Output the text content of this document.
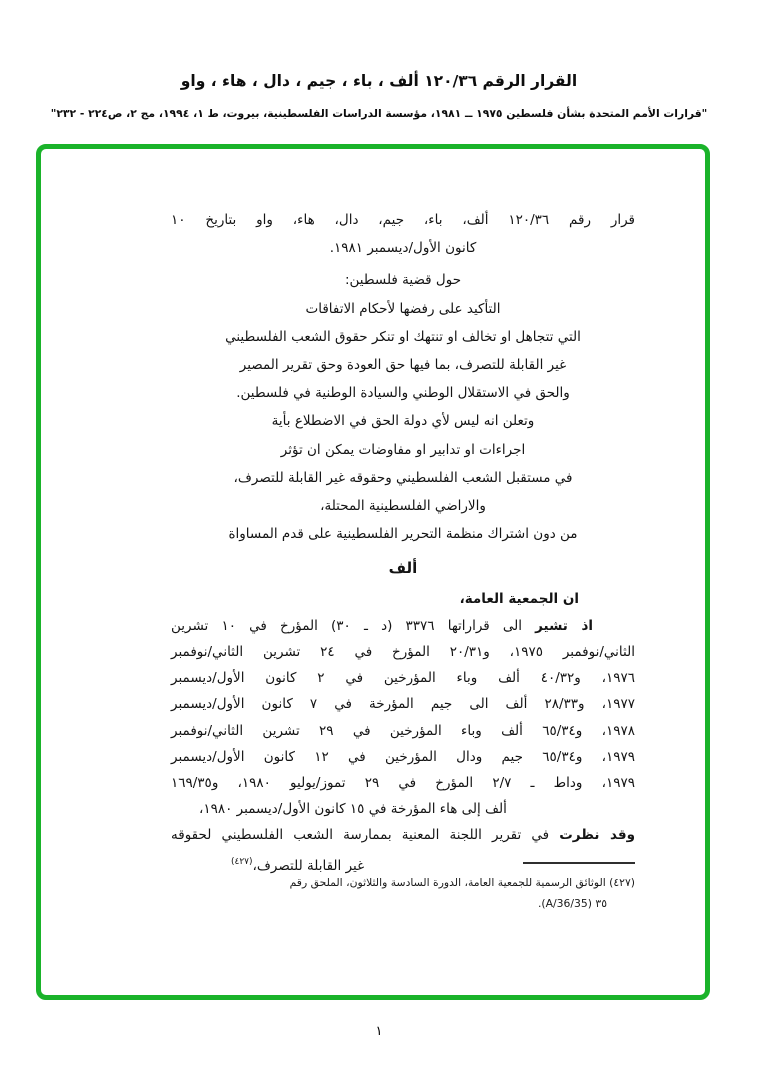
القرار الرقم ١٢٠/٣٦ ألف ، باء ، جيم ، دال ، هاء ، واو
"قرارات الأمم المتحدة بشأن فلسطين ١٩٧٥ ــ ١٩٨١، مؤسسة الدراسات الفلسطينية، بيروت، ط ١، ١٩٩٤، مج ٢، ص٢٢٤ - ٢٣٢"
قرار رقم ١٢٠/٣٦ ألف، باء، جيم، دال، هاء، واو بتاريخ ١٠
كانون الأول/ديسمبر ١٩٨١.
حول قضية فلسطين:
التأكيد على رفضها لأحكام الاتفاقات
التي تتجاهل او تخالف او تنتهك او تنكر حقوق الشعب الفلسطيني
غير القابلة للتصرف، بما فيها حق العودة وحق تقرير المصير
والحق في الاستقلال الوطني والسيادة الوطنية في فلسطين.
وتعلن انه ليس لأي دولة الحق في الاضطلاع بأية
اجراءات او تدابير او مفاوضات يمكن ان تؤثر
في مستقبل الشعب الفلسطيني وحقوقه غير القابلة للتصرف،
والاراضي الفلسطينية المحتلة،
من دون اشتراك منظمة التحرير الفلسطينية على قدم المساواة
ألف
ان الجمعية العامة،
اذ تشير الى قراراتها ٣٣٧٦ (د ـ ٣٠) المؤرخ في ١٠ تشرين
الثاني/نوفمبر ١٩٧٥، و٢٠/٣١ المؤرخ في ٢٤ تشرين الثاني/نوفمبر
١٩٧٦، و٤٠/٣٢ ألف وباء المؤرخين في ٢ كانون الأول/ديسمبر
١٩٧٧، و٢٨/٣٣ ألف الى جيم المؤرخة في ٧ كانون الأول/ديسمبر
١٩٧٨، و٦٥/٣٤ ألف وباء المؤرخين في ٢٩ تشرين الثاني/نوفمبر
١٩٧٩، و٦٥/٣٤ جيم ودال المؤرخين في ١٢ كانون الأول/ديسمبر
١٩٧٩، وداط ـ ٢/٧ المؤرخ في ٢٩ تموز/يوليو ١٩٨٠، و١٦٩/٣٥
ألف إلى هاء المؤرخة في ١٥ كانون الأول/ديسمبر ١٩٨٠،
وقد نظرت في تقرير اللجنة المعنية بممارسة الشعب الفلسطيني لحقوقه
غير القابلة للتصرف،$^{(٤٢٧)}$
(٤٢٧) الوثائق الرسمية للجمعية العامة، الدورة السادسة والثلاثون، الملحق رقم
٣٥ (A/36/35).
١
